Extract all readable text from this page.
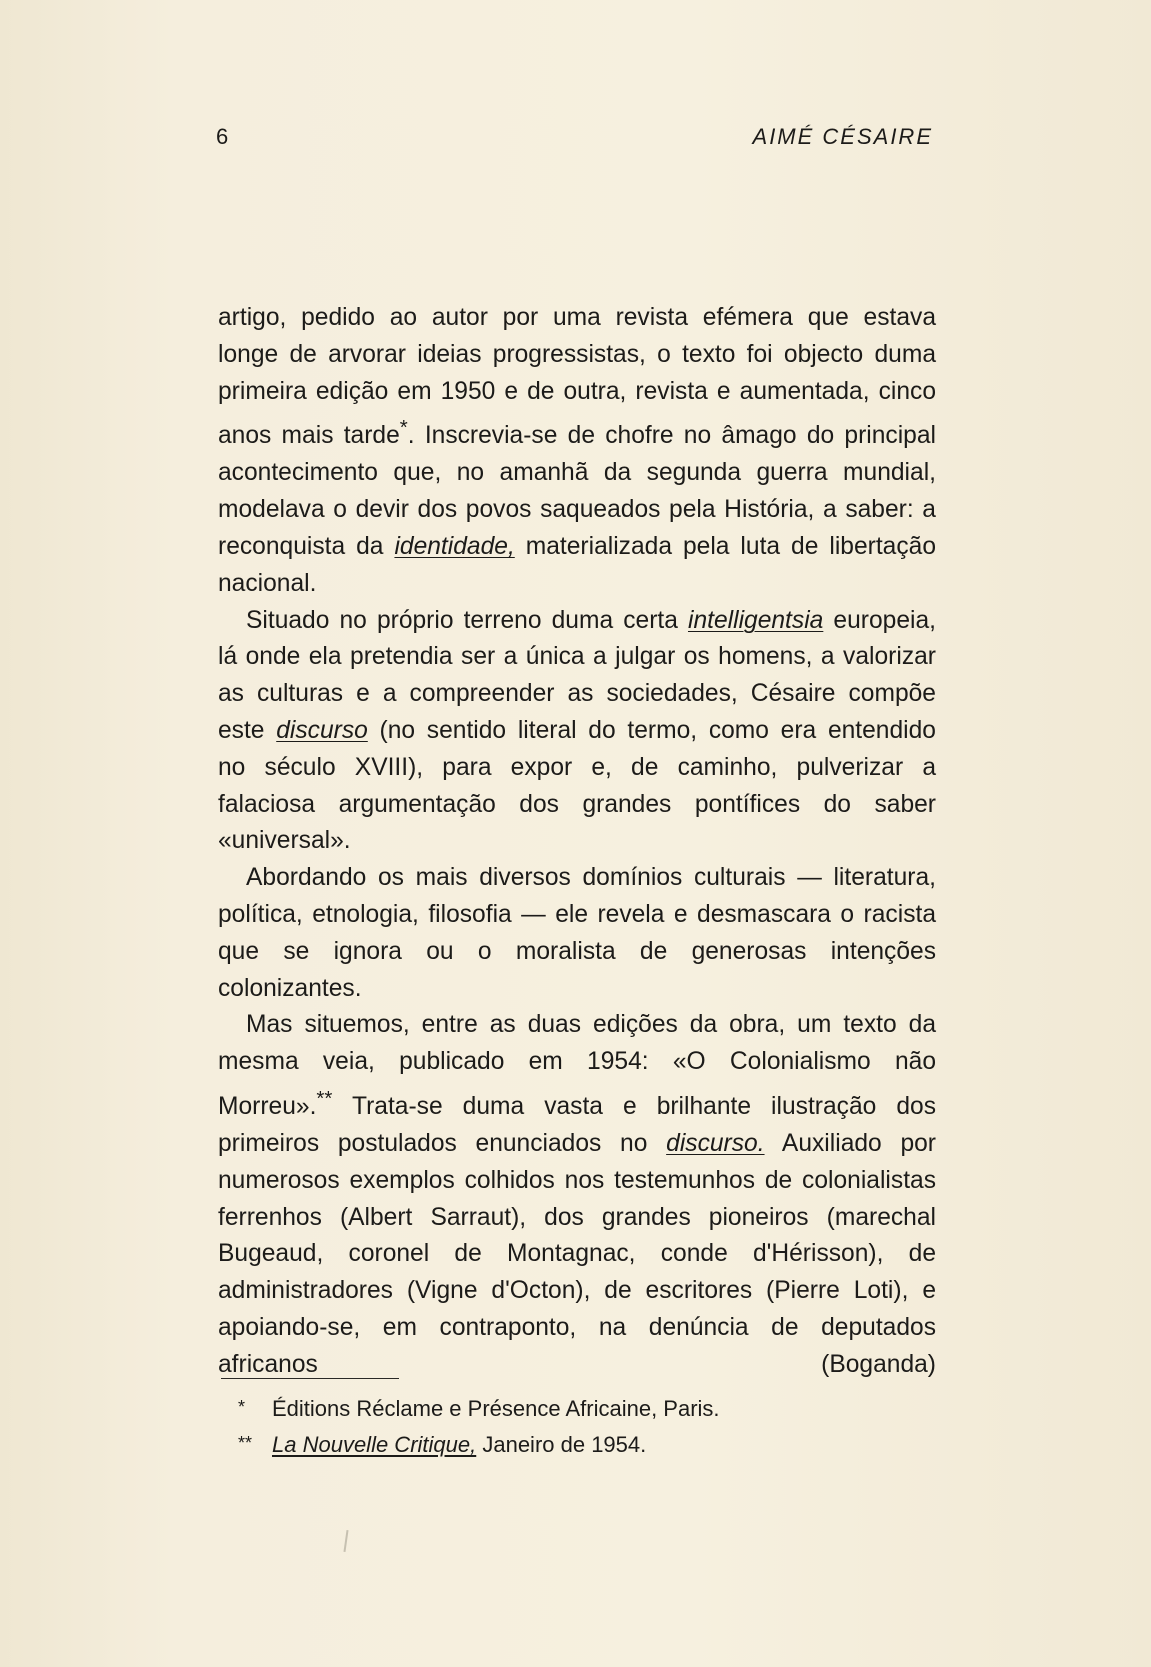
6	AIMÉ CÉSAIRE

artigo, pedido ao autor por uma revista efémera que estava longe de arvorar ideias progressistas, o texto foi objecto duma primeira edição em 1950 e de outra, revista e aumentada, cinco anos mais tarde*. Inscrevia-se de chofre no âmago do principal acontecimento que, no amanhã da segunda guerra mundial, modelava o devir dos povos saqueados pela História, a saber: a reconquista da identidade, materializada pela luta de libertação nacional.

Situado no próprio terreno duma certa intelligentsia europeia, lá onde ela pretendia ser a única a julgar os homens, a valorizar as culturas e a compreender as sociedades, Césaire compõe este discurso (no sentido literal do termo, como era entendido no século XVIII), para expor e, de caminho, pulverizar a falaciosa argumentação dos grandes pontífices do saber «universal».

Abordando os mais diversos domínios culturais — literatura, política, etnologia, filosofia — ele revela e desmascara o racista que se ignora ou o moralista de generosas intenções colonizantes.

Mas situemos, entre as duas edições da obra, um texto da mesma veia, publicado em 1954: «O Colonialismo não Morreu».** Trata-se duma vasta e brilhante ilustração dos primeiros postulados enunciados no discurso. Auxiliado por numerosos exemplos colhidos nos testemunhos de colonialistas ferrenhos (Albert Sarraut), dos grandes pioneiros (marechal Bugeaud, coronel de Montagnac, conde d'Hérisson), de administradores (Vigne d'Octon), de escritores (Pierre Loti), e apoiando-se, em contraponto, na denúncia de deputados africanos (Boganda)

* Éditions Réclame e Présence Africaine, Paris.
** La Nouvelle Critique, Janeiro de 1954.
